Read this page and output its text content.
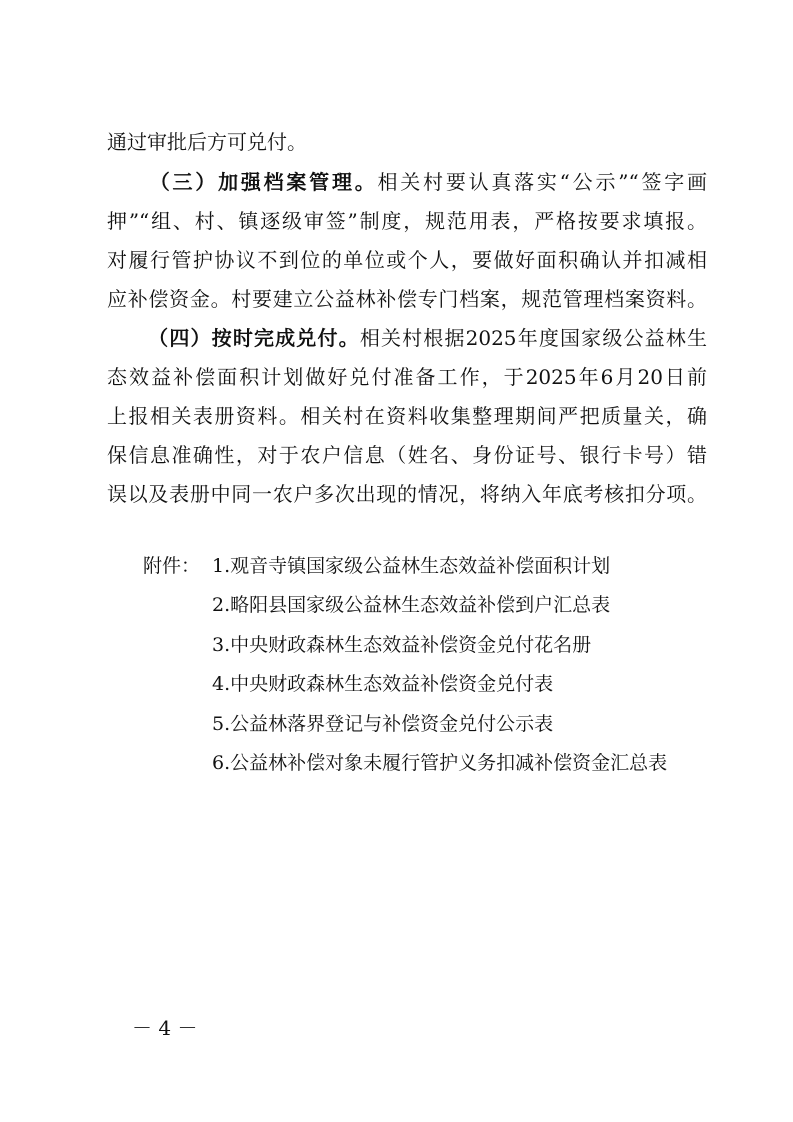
通过审批后方可兑付。
（三）加强档案管理。相关村要认真落实“公示”“签字画
押”“组、村、镇逐级审签”制度，规范用表，严格按要求填报。
对履行管护协议不到位的单位或个人，要做好面积确认并扣减相
应补偿资金。村要建立公益林补偿专门档案，规范管理档案资料。
（四）按时完成兑付。相关村根据2025年度国家级公益林生
态效益补偿面积计划做好兑付准备工作，于2025年6月20日前
上报相关表册资料。相关村在资料收集整理期间严把质量关，确
保信息准确性，对于农户信息（姓名、身份证号、银行卡号）错
误以及表册中同一农户多次出现的情况，将纳入年底考核扣分项。
附件： 1.观音寺镇国家级公益林生态效益补偿面积计划
2.略阳县国家级公益林生态效益补偿到户汇总表
3.中央财政森林生态效益补偿资金兑付花名册
4.中央财政森林生态效益补偿资金兑付表
5.公益林落界登记与补偿资金兑付公示表
6.公益林补偿对象未履行管护义务扣减补偿资金汇总表
－ 4 －
